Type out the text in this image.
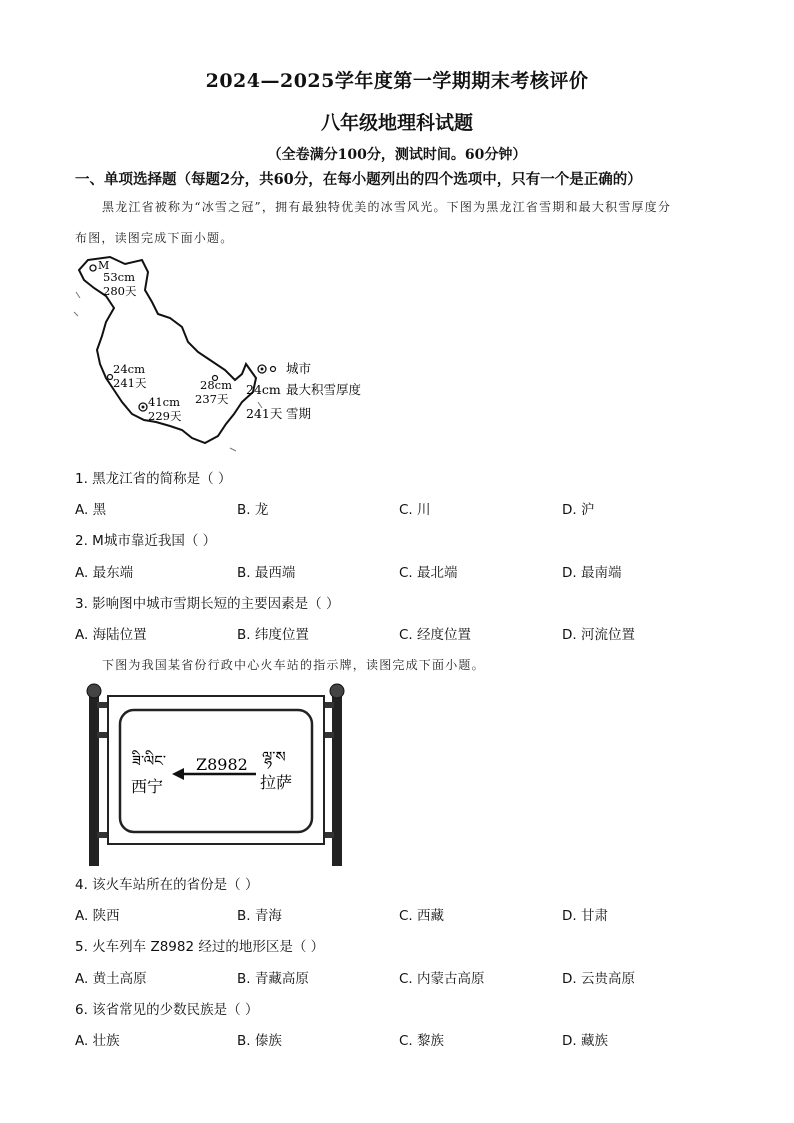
2024—2025学年度第一学期期末考核评价
八年级地理科试题
（全卷满分100分，测试时间。60分钟）
一、单项选择题（每题2分，共60分，在每小题列出的四个选项中，只有一个是正确的）
黑龙江省被称为“冰雪之冠”，拥有最独特优美的冰雪风光。下图为黑龙江省雪期和最大积雪厚度分
布图，读图完成下面小题。
M
53cm
280天
24cm
241天	28cm
237天
41cm
229天
城市
24cm 最大积雪厚度
241天 雪期
1. 黑龙江省的简称是（ ）
A. 黑	B. 龙	C. 川	D. 沪
2. M城市靠近我国（ ）
A. 最东端	B. 最西端	C. 最北端	D. 最南端
3. 影响图中城市雪期长短的主要因素是（ ）
A. 海陆位置	B. 纬度位置	C. 经度位置	D. 河流位置
下图为我国某省份行政中心火车站的指示牌，读图完成下面小题。
ཟི་ལིང་	ལྷ་ས
Z8982
西宁	拉萨
4. 该火车站所在的省份是（ ）
A. 陕西	B. 青海	C. 西藏	D. 甘肃
5. 火车列车 Z8982 经过的地形区是（ ）
A. 黄土高原	B. 青藏高原	C. 内蒙古高原	D. 云贵高原
6. 该省常见的少数民族是（ ）
A. 壮族	B. 傣族	C. 黎族	D. 藏族
